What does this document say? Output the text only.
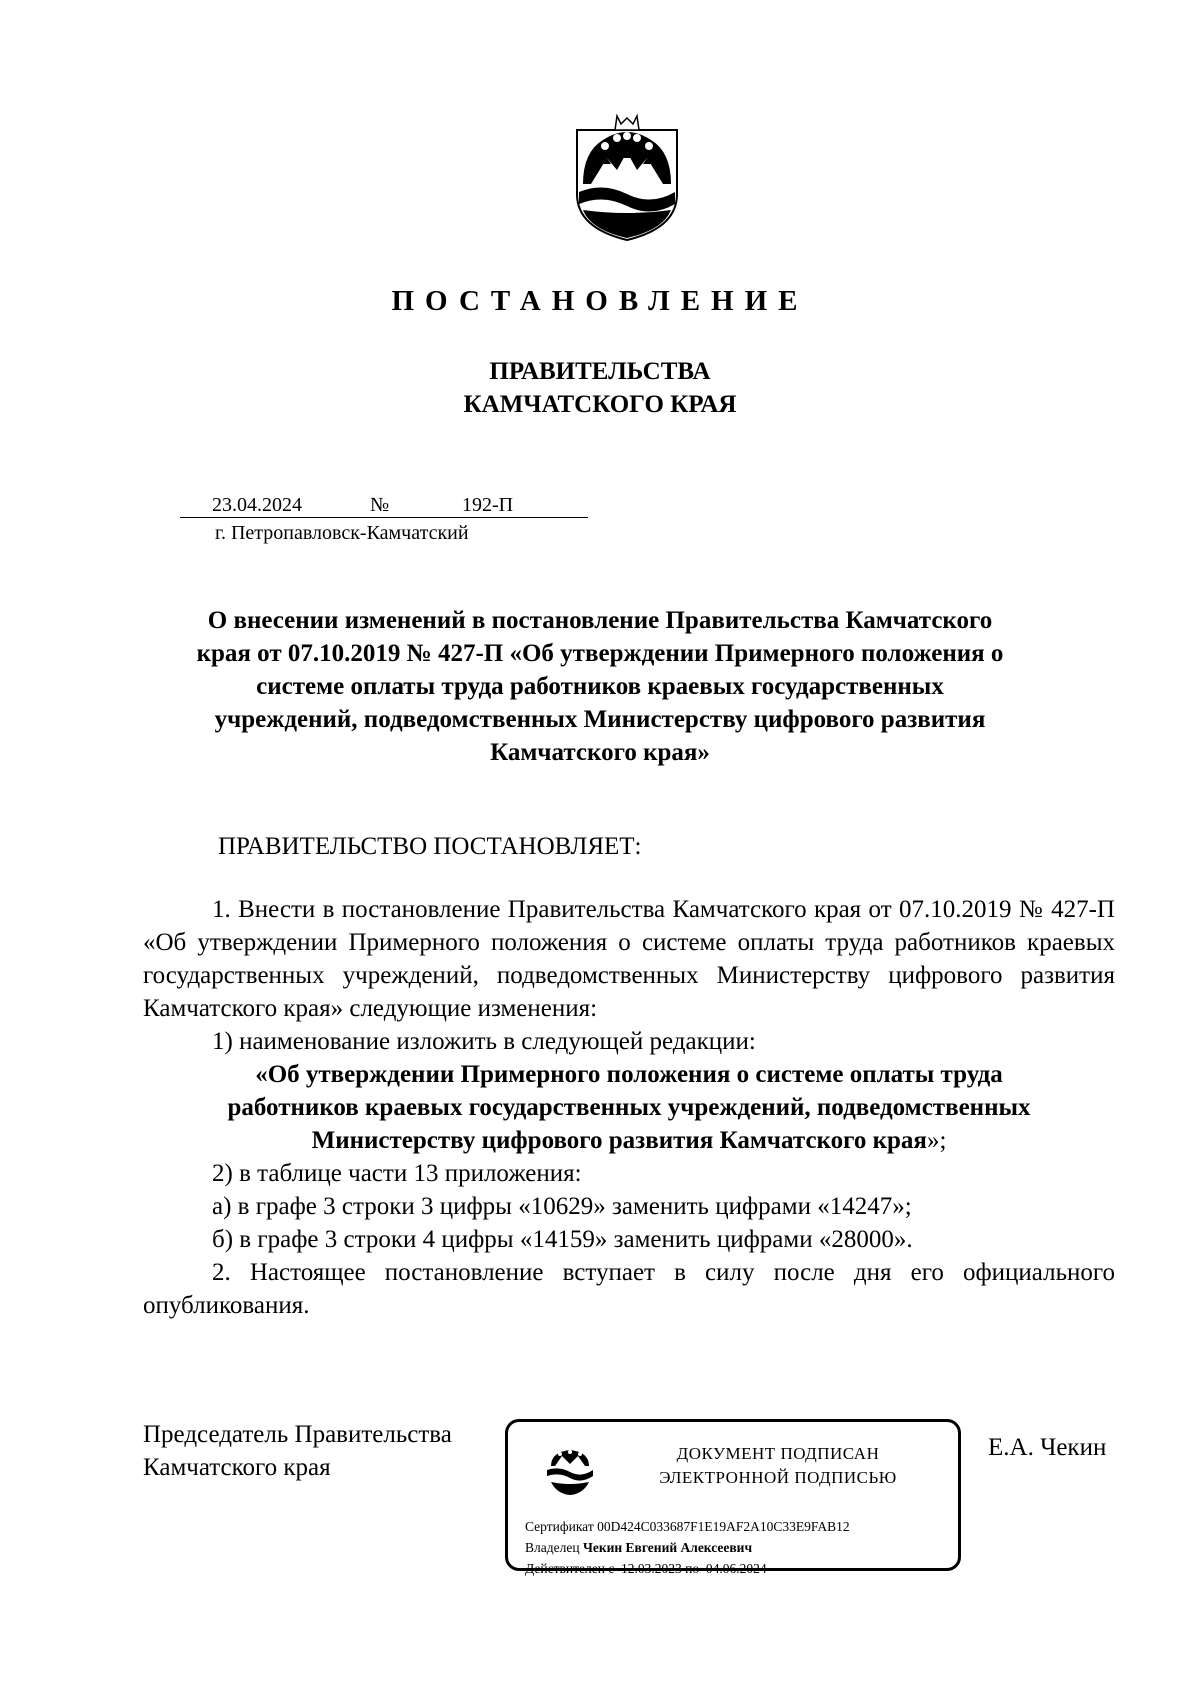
ПОСТАНОВЛЕНИЕ
ПРАВИТЕЛЬСТВА
КАМЧАТСКОГО КРАЯ
23.04.2024	№	192-П
г. Петропавловск-Камчатский
О внесении изменений в постановление Правительства Камчатского
края от 07.10.2019 № 427-П «Об утверждении Примерного положения о
системе оплаты труда работников краевых государственных
учреждений, подведомственных Министерству цифрового развития
Камчатского края»
ПРАВИТЕЛЬСТВО ПОСТАНОВЛЯЕТ:

1. Внести в постановление Правительства Камчатского края от 07.10.2019 № 427-П «Об утверждении Примерного положения о системе оплаты труда работников краевых государственных учреждений, подведомственных Министерству цифрового развития Камчатского края» следующие изменения:

1) наименование изложить в следующей редакции:

«Об утверждении Примерного положения о системе оплаты труда
работников краевых государственных учреждений, подведомственных
Министерству цифрового развития Камчатского края»;

2) в таблице части 13 приложения:

а) в графе 3 строки 3 цифры «10629» заменить цифрами «14247»;

б) в графе 3 строки 4 цифры «14159» заменить цифрами «28000».

2. Настоящее постановление вступает в силу после дня его официального опубликования.

Председатель Правительства
Камчатского края
ДОКУМЕНТ ПОДПИСАН
ЭЛЕКТРОННОЙ ПОДПИСЬЮ
Сертификат 00D424C033687F1E19AF2A10C33E9FAB12
Владелец Чекин Евгений Алексеевич
Действителен с 12.03.2023 по 04.06.2024
Е.А. Чекин
